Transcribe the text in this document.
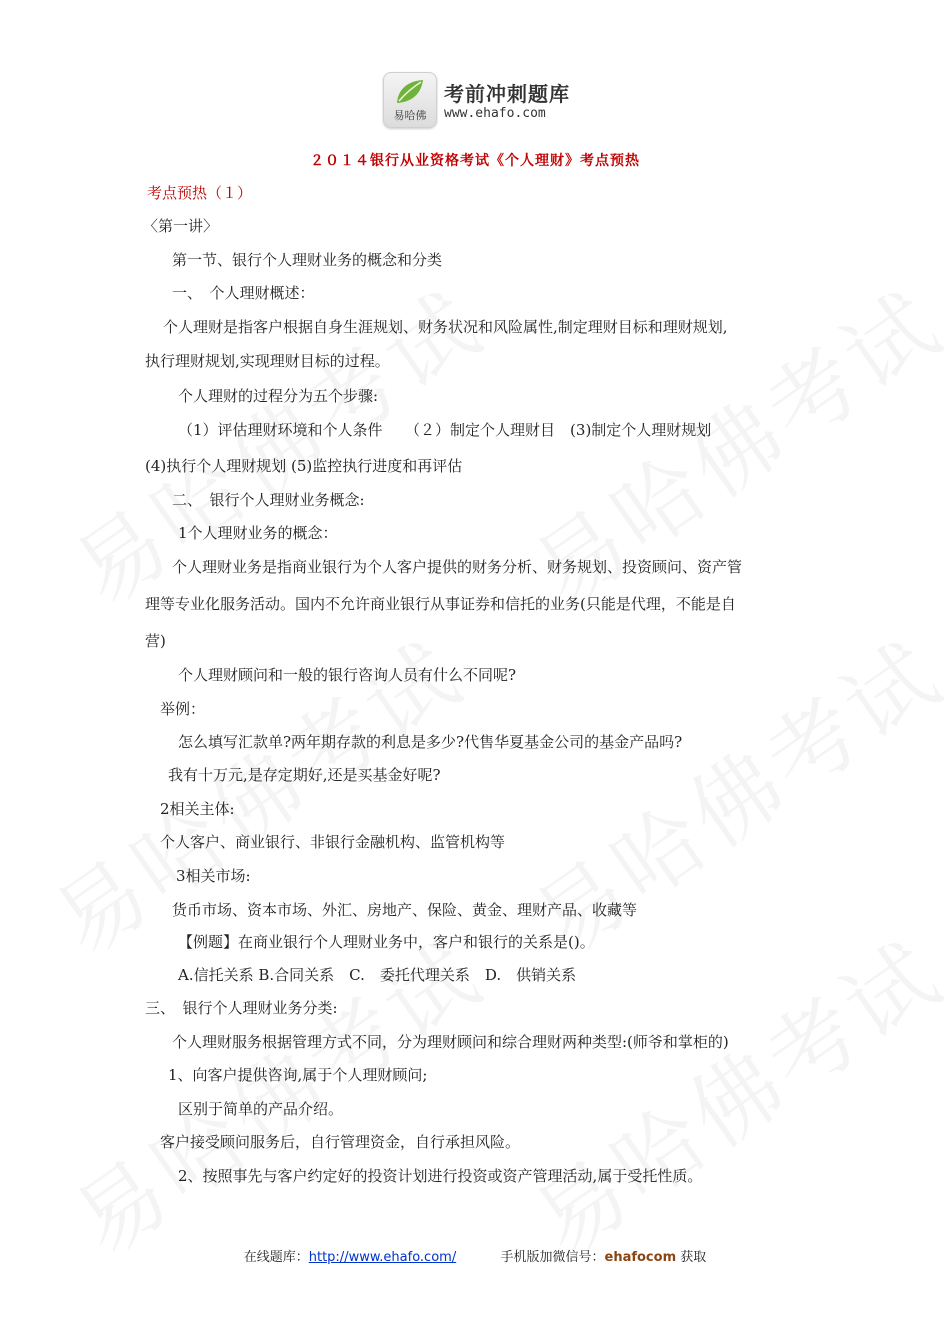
易哈佛
考前冲刺题库
www.ehafo.com
２０１４银行从业资格考试《个人理财》考点预热
考点预热（１）
〈第一讲〉
第一节、银行个人理财业务的概念和分类
一、　个人理财概述：
个人理财是指客户根据自身生涯规划、财务状况和风险属性,制定理财目标和理财规划,
执行理财规划,实现理财目标的过程。
个人理财的过程分为五个步骤:
（1）评估理财环境和个人条件　　（２）制定个人理财目　(3)制定个人理财规划
(4)执行个人理财规划 (5)监控执行进度和再评估
二、　银行个人理财业务概念:
1个人理财业务的概念：
个人理财业务是指商业银行为个人客户提供的财务分析、财务规划、投资顾问、资产管
理等专业化服务活动。国内不允许商业银行从事证券和信托的业务(只能是代理，不能是自
营)
个人理财顾问和一般的银行咨询人员有什么不同呢?
举例：
怎么填写汇款单?两年期存款的利息是多少?代售华夏基金公司的基金产品吗?
我有十万元,是存定期好,还是买基金好呢?
2相关主体:
个人客户、商业银行、非银行金融机构、监管机构等
3相关市场:
货币市场、资本市场、外汇、房地产、保险、黄金、理财产品、收藏等
【例题】在商业银行个人理财业务中，客户和银行的关系是()。
A.信托关系 B.合同关系　C.　委托代理关系　D.　供销关系
三、　银行个人理财业务分类:
个人理财服务根据管理方式不同，分为理财顾问和综合理财两种类型:(师爷和掌柜的)
1、向客户提供咨询,属于个人理财顾问;
区别于简单的产品介绍。
客户接受顾问服务后，自行管理资金，自行承担风险。
2、按照事先与客户约定好的投资计划进行投资或资产管理活动,属于受托性质。
在线题库：http://www.ehafo.com/	手机版加微信号：ehafocom 获取
